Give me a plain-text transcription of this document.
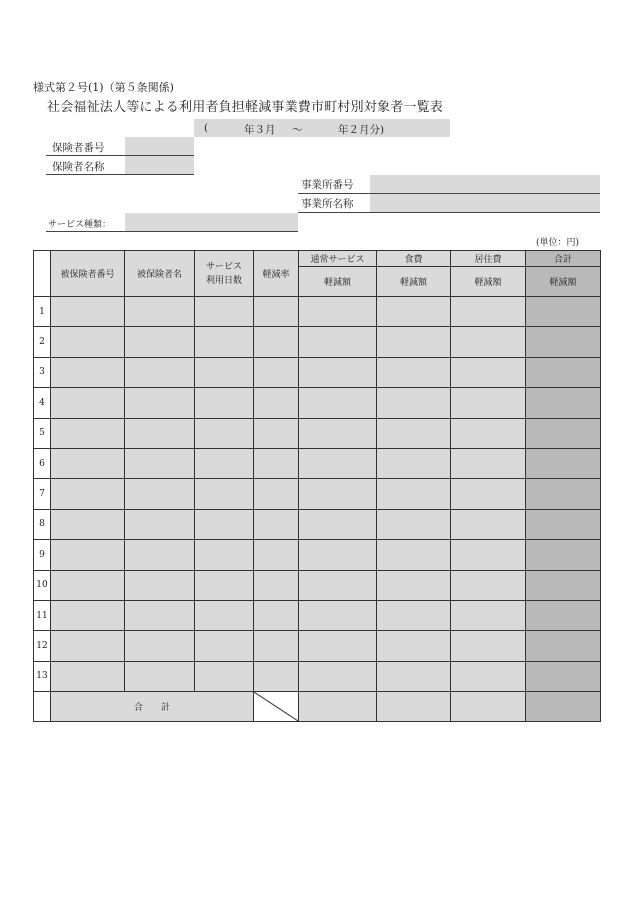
様式第２号(1)（第５条関係)
社会福祉法人等による利用者負担軽減事業費市町村別対象者一覧表
(	年３月 ～	年２月分)
保険者番号
保険者名称
事業所番号
事業所名称
サービス種類：
(単位：円)
	被保険者番号	被保険者名	サービス利用日数	軽減率	通常サービス	食費	居住費	合計
					軽減額	軽減額	軽減額	軽減額
1								
2								
3								
4								
5								
6								
7								
8								
9								
10								
11								
12								
13								
	合　　計	
